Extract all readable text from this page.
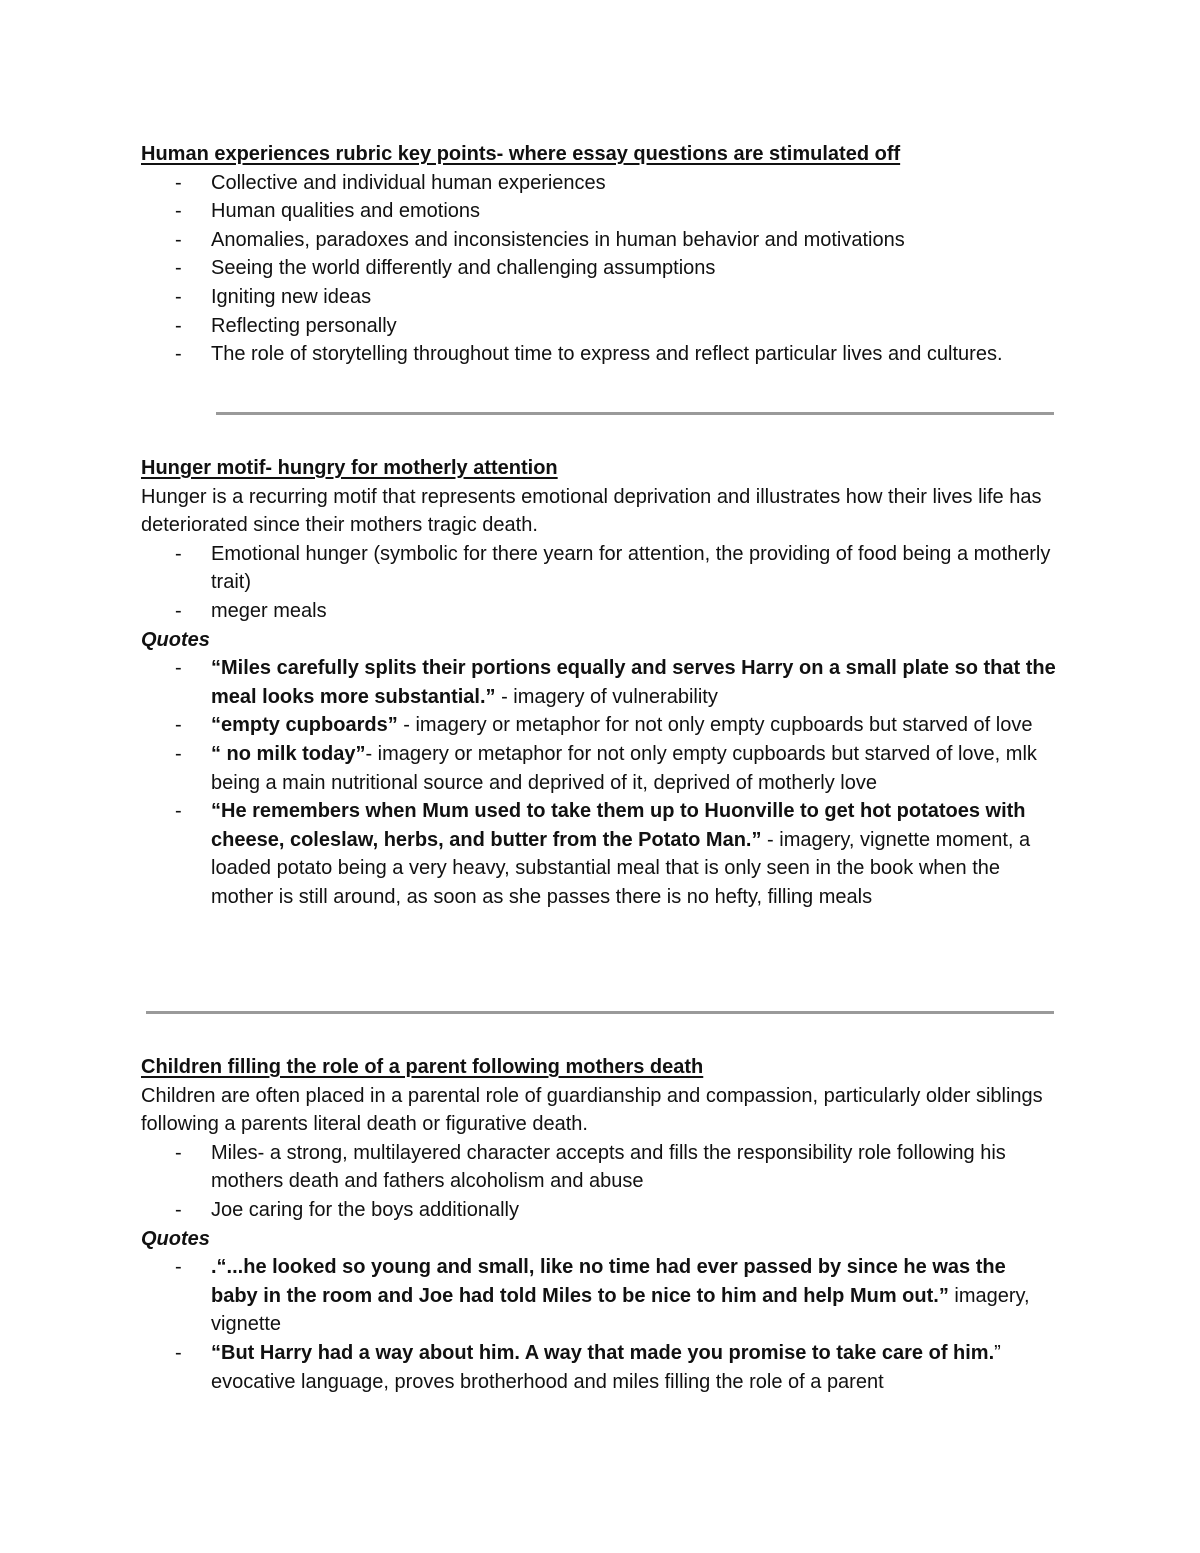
Human experiences rubric key points- where essay questions are stimulated off

- Collective and individual human experiences
- Human qualities and emotions
- Anomalies, paradoxes and inconsistencies in human behavior and motivations
- Seeing the world differently and challenging assumptions
- Igniting new ideas
- Reflecting personally
- The role of storytelling throughout time to express and reflect particular lives and cultures.

Hunger motif- hungry for motherly attention

Hunger is a recurring motif that represents emotional deprivation and illustrates how their lives life has deteriorated since their mothers tragic death.

- Emotional hunger (symbolic for there yearn for attention, the providing of food being a motherly trait)
- meger meals

Quotes

- “Miles carefully splits their portions equally and serves Harry on a small plate so that the meal looks more substantial.” - imagery of vulnerability
- “empty cupboards” - imagery or metaphor for not only empty cupboards but starved of love
- “ no milk today”- imagery or metaphor for not only empty cupboards but starved of love, mlk being a main nutritional source and deprived of it, deprived of motherly love
- “He remembers when Mum used to take them up to Huonville to get hot potatoes with cheese, coleslaw, herbs, and butter from the Potato Man.” - imagery, vignette moment, a loaded potato being a very heavy, substantial meal that is only seen in the book when the mother is still around, as soon as she passes there is no hefty, filling meals

Children filling the role of a parent following mothers death

Children are often placed in a parental role of guardianship and compassion, particularly older siblings following a parents literal death or figurative death.

- Miles- a strong, multilayered character accepts and fills the responsibility role following his mothers death and fathers alcoholism and abuse
- Joe caring for the boys additionally

Quotes

- .“...he looked so young and small, like no time had ever passed by since he was the baby in the room and Joe had told Miles to be nice to him and help Mum out.” imagery, vignette
- “But Harry had a way about him. A way that made you promise to take care of him.” evocative language, proves brotherhood and miles filling the role of a parent
